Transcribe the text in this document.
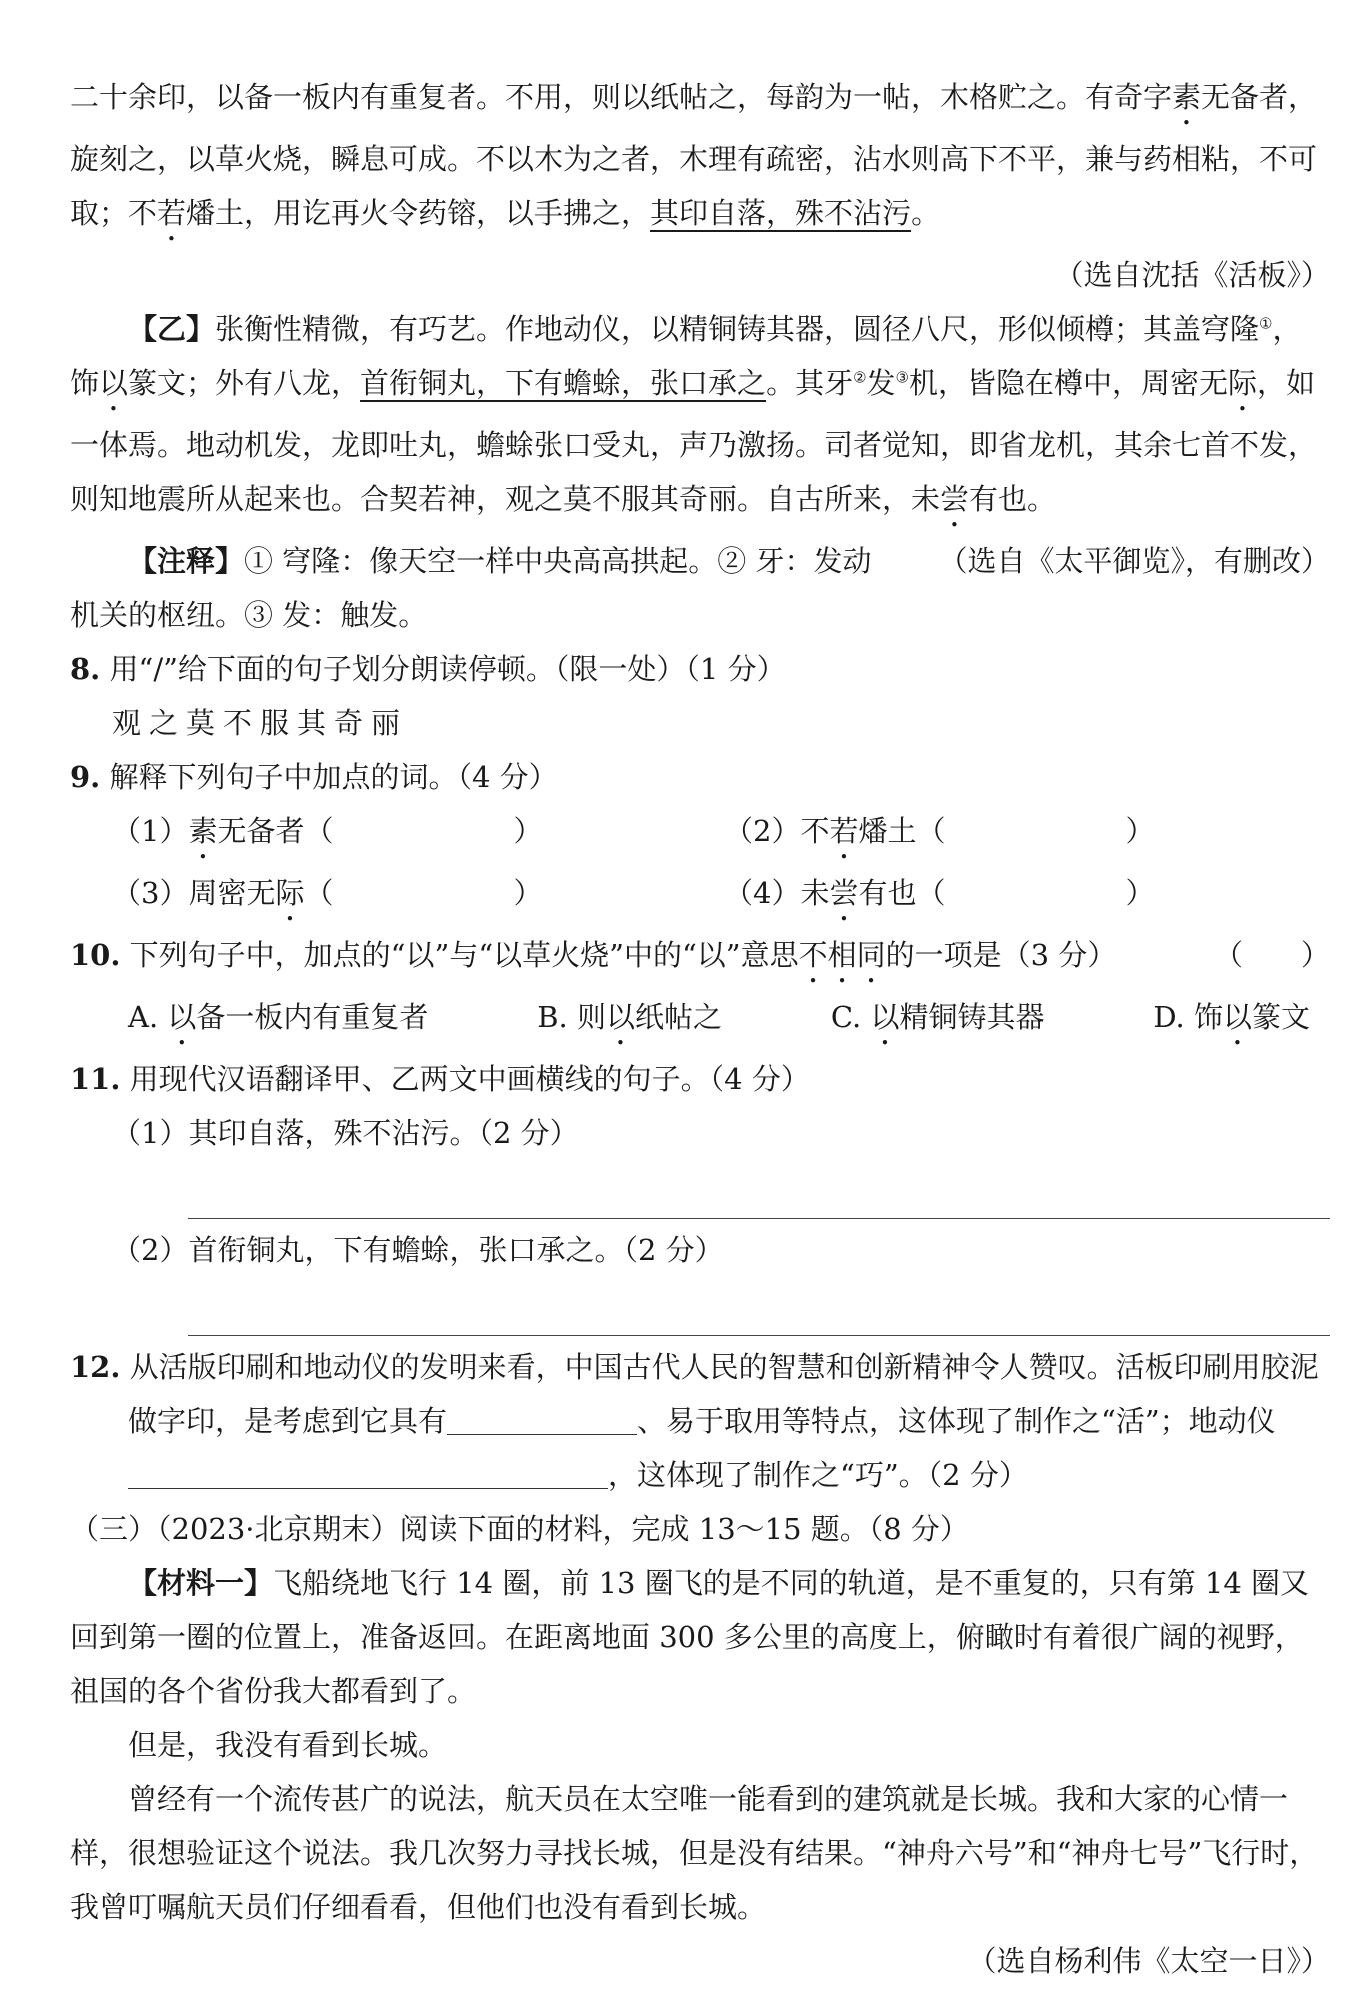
二十余印，以备一板内有重复者。不用，则以纸帖之，每韵为一帖，木格贮之。有奇字素无备者，旋刻之，以草火烧，瞬息可成。不以木为之者，木理有疏密，沾水则高下不平，兼与药相粘，不可取；不若燔土，用讫再火令药镕，以手拂之，其印自落，殊不沾污。

（选自沈括《活板》）

【乙】张衡性精微，有巧艺。作地动仪，以精铜铸其器，圆径八尺，形似倾樽；其盖穹隆①，饰以篆文；外有八龙，首衔铜丸，下有蟾蜍，张口承之。其牙②发③机，皆隐在樽中，周密无际，如一体焉。地动机发，龙即吐丸，蟾蜍张口受丸，声乃激扬。司者觉知，即省龙机，其余七首不发，则知地震所从起来也。合契若神，观之莫不服其奇丽。自古所来，未尝有也。
（选自《太平御览》，有删改）

【注释】① 穹隆：像天空一样中央高高拱起。② 牙：发动机关的枢纽。③ 发：触发。

8. 用“/”给下面的句子划分朗读停顿。（限一处）（1 分）

观之莫不服其奇丽

9. 解释下列句子中加点的词。（4 分）

（1）素无备者（	）	（2）不若燔土（	）
（3）周密无际（	）	（4）未尝有也（	）

10. 下列句子中，加点的“以”与“以草火烧”中的“以”意思不相同的一项是（3 分）	（　　）

A. 以备一板内有重复者	B. 则以纸帖之	C. 以精铜铸其器	D. 饰以篆文

11. 用现代汉语翻译甲、乙两文中画横线的句子。（4 分）

（1）其印自落，殊不沾污。（2 分）

（2）首衔铜丸，下有蟾蜍，张口承之。（2 分）

12. 从活版印刷和地动仪的发明来看，中国古代人民的智慧和创新精神令人赞叹。活板印刷用胶泥做字印，是考虑到它具有	、易于取用等特点，这体现了制作之“活”；地动仪，这体现了制作之“巧”。（2 分）

（三）（2023·北京期末）阅读下面的材料，完成 13～15 题。（8 分）

【材料一】飞船绕地飞行 14 圈，前 13 圈飞的是不同的轨道，是不重复的，只有第 14 圈又回到第一圈的位置上，准备返回。在距离地面 300 多公里的高度上，俯瞰时有着很广阔的视野，祖国的各个省份我大都看到了。

但是，我没有看到长城。

曾经有一个流传甚广的说法，航天员在太空唯一能看到的建筑就是长城。我和大家的心情一样，很想验证这个说法。我几次努力寻找长城，但是没有结果。“神舟六号”和“神舟七号”飞行时，我曾叮嘱航天员们仔细看看，但他们也没有看到长城。

（选自杨利伟《太空一日》）
